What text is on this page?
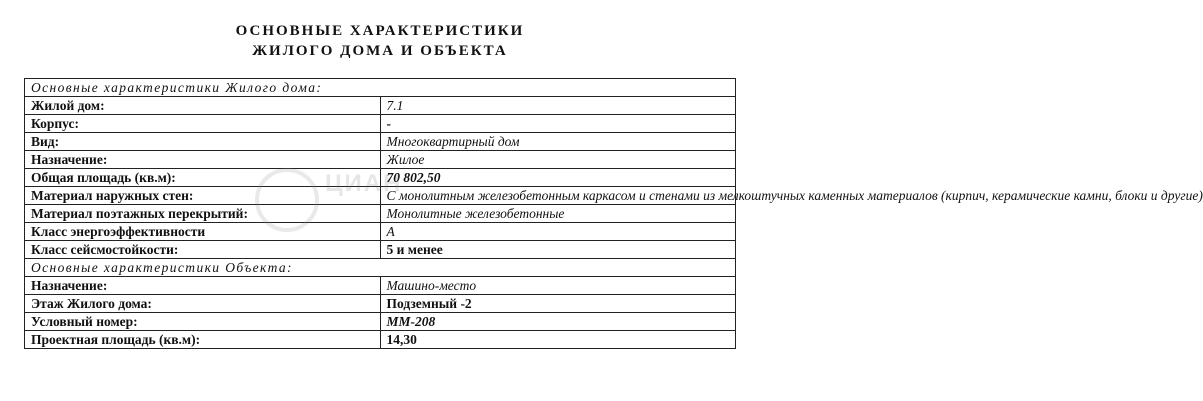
ОСНОВНЫЕ ХАРАКТЕРИСТИКИ
ЖИЛОГО ДОМА И ОБЪЕКТА
Основные характеристики Жилого дома:	
Жилой дом:	7.1
Корпус:	-
Вид:	Многоквартирный дом
Назначение:	Жилое
Общая площадь (кв.м):	70 802,50
Материал наружных стен:	С монолитным железобетонным каркасом и стенами из мелкоштучных каменных материалов (кирпич, керамические камни, блоки и другие)
Материал поэтажных перекрытий:	Монолитные железобетонные
Класс энергоэффективности	А
Класс сейсмостойкости:	5 и менее
Основные характеристики Объекта:	
Назначение:	Машино-место
Этаж Жилого дома:	Подземный -2
Условный номер:	ММ-208
Проектная площадь (кв.м):	14,30
ЦИАН
